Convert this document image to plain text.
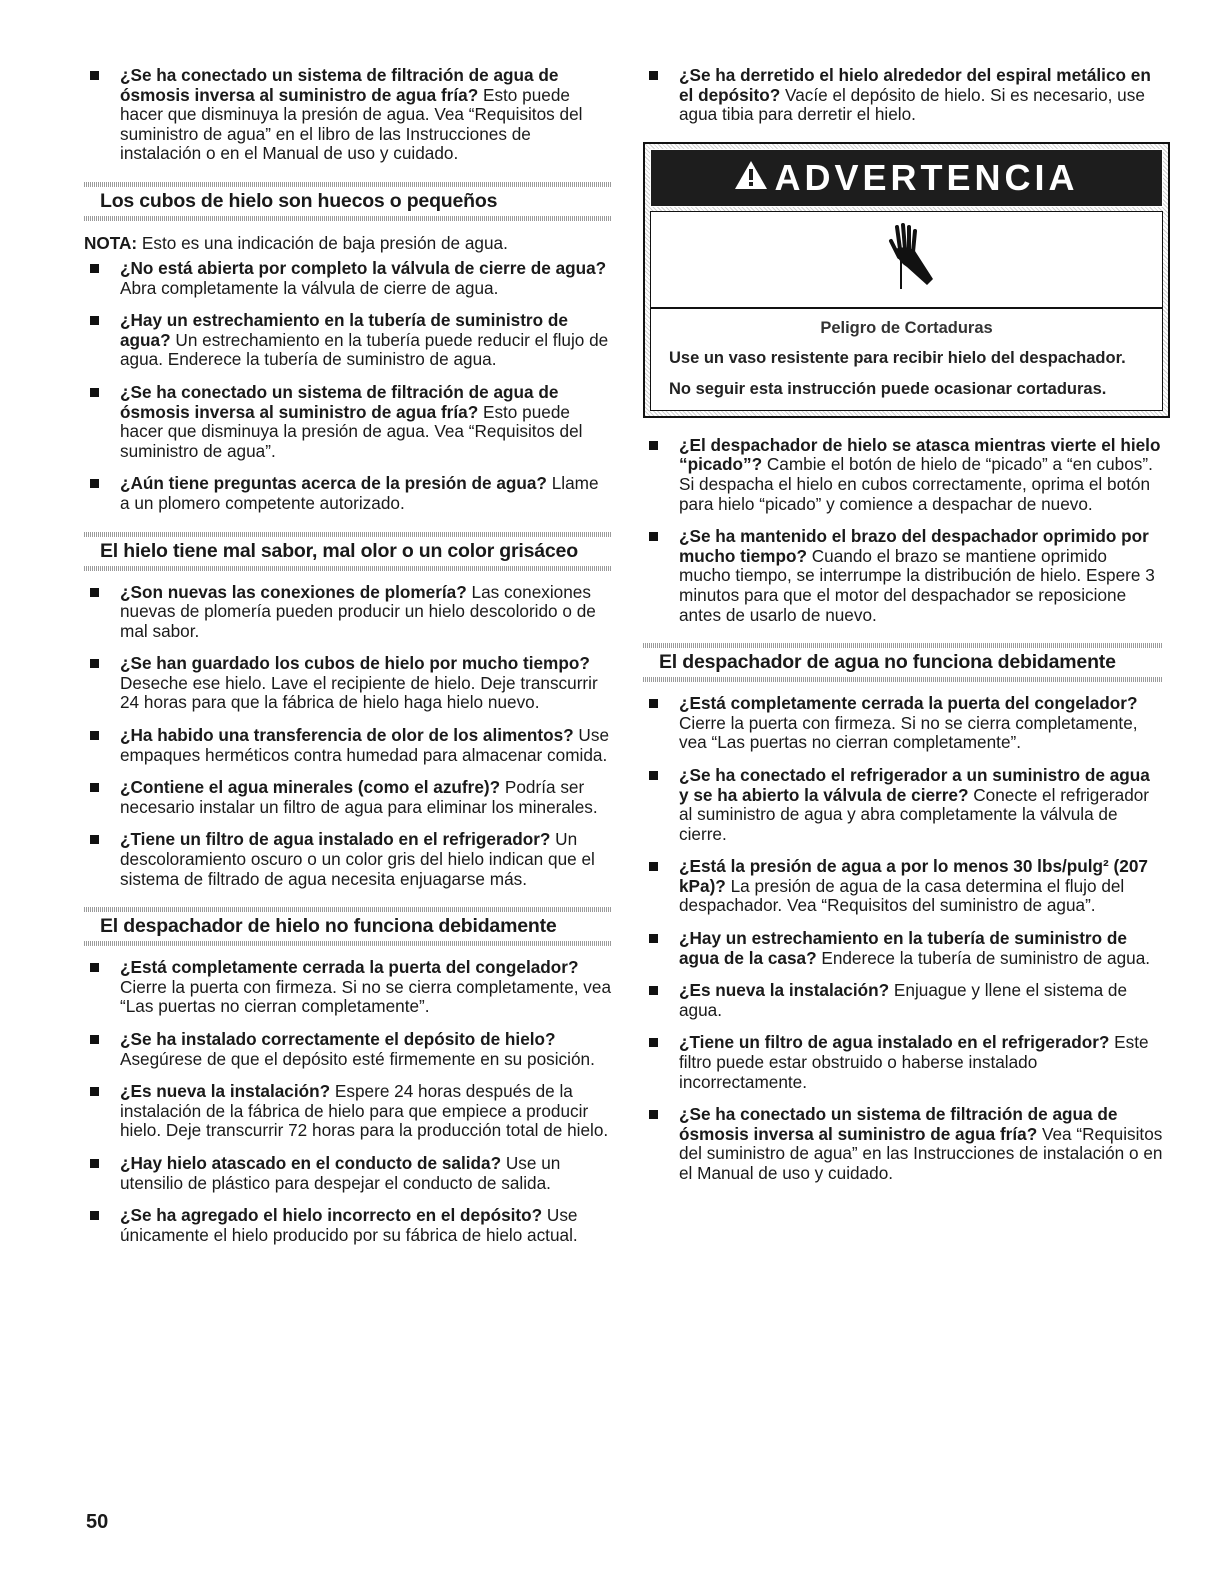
¿Se ha conectado un sistema de filtración de agua de ósmosis inversa al suministro de agua fría? Esto puede hacer que disminuya la presión de agua. Vea “Requisitos del suministro de agua” en el libro de las Instrucciones de instalación o en el Manual de uso y cuidado.
Los cubos de hielo son huecos o pequeños
NOTA: Esto es una indicación de baja presión de agua.
¿No está abierta por completo la válvula de cierre de agua? Abra completamente la válvula de cierre de agua.
¿Hay un estrechamiento en la tubería de suministro de agua? Un estrechamiento en la tubería puede reducir el flujo de agua. Enderece la tubería de suministro de agua.
¿Se ha conectado un sistema de filtración de agua de ósmosis inversa al suministro de agua fría? Esto puede hacer que disminuya la presión de agua. Vea “Requisitos del suministro de agua”.
¿Aún tiene preguntas acerca de la presión de agua? Llame a un plomero competente autorizado.
El hielo tiene mal sabor, mal olor o un color grisáceo
¿Son nuevas las conexiones de plomería? Las conexiones nuevas de plomería pueden producir un hielo descolorido o de mal sabor.
¿Se han guardado los cubos de hielo por mucho tiempo? Deseche ese hielo. Lave el recipiente de hielo. Deje transcurrir 24 horas para que la fábrica de hielo haga hielo nuevo.
¿Ha habido una transferencia de olor de los alimentos? Use empaques herméticos contra humedad para almacenar comida.
¿Contiene el agua minerales (como el azufre)? Podría ser necesario instalar un filtro de agua para eliminar los minerales.
¿Tiene un filtro de agua instalado en el refrigerador? Un descoloramiento oscuro o un color gris del hielo indican que el sistema de filtrado de agua necesita enjuagarse más.
El despachador de hielo no funciona debidamente
¿Está completamente cerrada la puerta del congelador? Cierre la puerta con firmeza. Si no se cierra completamente, vea “Las puertas no cierran completamente”.
¿Se ha instalado correctamente el depósito de hielo? Asegúrese de que el depósito esté firmemente en su posición.
¿Es nueva la instalación? Espere 24 horas después de la instalación de la fábrica de hielo para que empiece a producir hielo. Deje transcurrir 72 horas para la producción total de hielo.
¿Hay hielo atascado en el conducto de salida? Use un utensilio de plástico para despejar el conducto de salida.
¿Se ha agregado el hielo incorrecto en el depósito? Use únicamente el hielo producido por su fábrica de hielo actual.
¿Se ha derretido el hielo alrededor del espiral metálico en el depósito? Vacíe el depósito de hielo. Si es necesario, use agua tibia para derretir el hielo.
ADVERTENCIA
Peligro de Cortaduras
Use un vaso resistente para recibir hielo del despachador.
No seguir esta instrucción puede ocasionar cortaduras.
¿El despachador de hielo se atasca mientras vierte el hielo “picado”? Cambie el botón de hielo de “picado” a “en cubos”. Si despacha el hielo en cubos correctamente, oprima el botón para hielo “picado” y comience a despachar de nuevo.
¿Se ha mantenido el brazo del despachador oprimido por mucho tiempo? Cuando el brazo se mantiene oprimido mucho tiempo, se interrumpe la distribución de hielo. Espere 3 minutos para que el motor del despachador se reposicione antes de usarlo de nuevo.
El despachador de agua no funciona debidamente
¿Está completamente cerrada la puerta del congelador? Cierre la puerta con firmeza. Si no se cierra completamente, vea “Las puertas no cierran completamente”.
¿Se ha conectado el refrigerador a un suministro de agua y se ha abierto la válvula de cierre? Conecte el refrigerador al suministro de agua y abra completamente la válvula de cierre.
¿Está la presión de agua a por lo menos 30 lbs/pulg² (207 kPa)? La presión de agua de la casa determina el flujo del despachador. Vea “Requisitos del suministro de agua”.
¿Hay un estrechamiento en la tubería de suministro de agua de la casa? Enderece la tubería de suministro de agua.
¿Es nueva la instalación? Enjuague y llene el sistema de agua.
¿Tiene un filtro de agua instalado en el refrigerador? Este filtro puede estar obstruido o haberse instalado incorrectamente.
¿Se ha conectado un sistema de filtración de agua de ósmosis inversa al suministro de agua fría? Vea “Requisitos del suministro de agua” en las Instrucciones de instalación o en el Manual de uso y cuidado.
50
